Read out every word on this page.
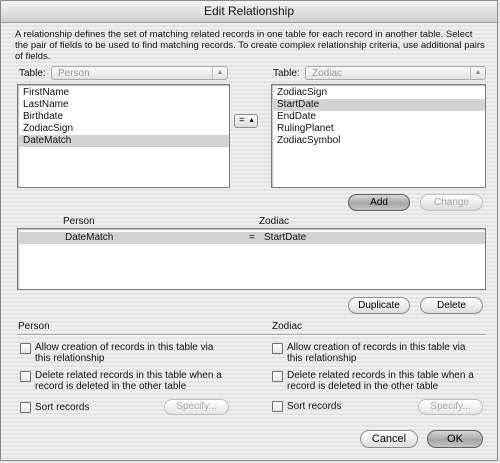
Edit Relationship
A relationship defines the set of matching related records in one table for each record in another table. Select the pair of fields to be used to find matching records. To create complex relationship criteria, use additional pairs of fields.
Table:	Person	▲	Table:	Zodiac	▲
FirstName
LastName
Birthdate
ZodiacSign
DateMatch
= ▲
ZodiacSign
StartDate
EndDate
RulingPlanet
ZodiacSymbol
Add	Change
Person	Zodiac
DateMatch	= StartDate
Duplicate	Delete
Person	Zodiac
Allow creation of records in this table via this relationship
Delete related records in this table when a record is deleted in the other table
Sort records	Specify...
Allow creation of records in this table via this relationship
Delete related records in this table when a record is deleted in the other table
Sort records	Specify...
Cancel	OK
